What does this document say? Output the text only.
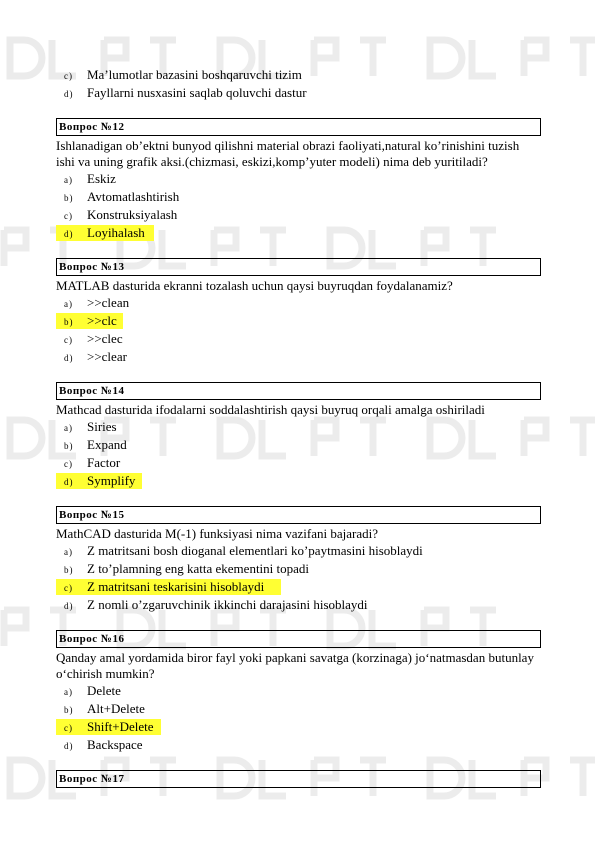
c) Ma’lumotlar bazasini boshqaruvchi tizim
d) Fayllarni nusxasini saqlab qoluvchi dastur
Вопрос №12
Ishlanadigan ob’ektni bunyod qilishni material obrazi faoliyati,natural ko’rinishini tuzish ishi va uning grafik aksi.(chizmasi, eskizi,komp’yuter modeli) nima deb yuritiladi?
a) Eskiz
b) Avtomatlashtirish
c) Konstruksiyalash
d) Loyihalash
Вопрос №13
MATLAB dasturida ekranni tozalash uchun qaysi buyruqdan foydalanamiz?
a) >>clean
b) >>clc
c) >>clec
d) >>clear
Вопрос №14
Mathcad dasturida ifodalarni soddalashtirish qaysi buyruq orqali amalga oshiriladi
a) Siries
b) Expand
c) Factor
d) Symplify
Вопрос №15
MathCAD dasturida M(-1) funksiyasi nima vazifani bajaradi?
a) Z matritsani bosh dioganal elementlari ko’paytmasini hisoblaydi
b) Z to’plamning eng katta ekementini topadi
c) Z matritsani teskarisini hisoblaydi
d) Z nomli o’zgaruvchinik ikkinchi darajasini hisoblaydi
Вопрос №16
Qanday amal yordamida biror fayl yoki papkani savatga (korzinaga) jo‘natmasdan butunlay o‘chirish mumkin?
a) Delete
b) Alt+Delete
c) Shift+Delete
d) Backspace
Вопрос №17
